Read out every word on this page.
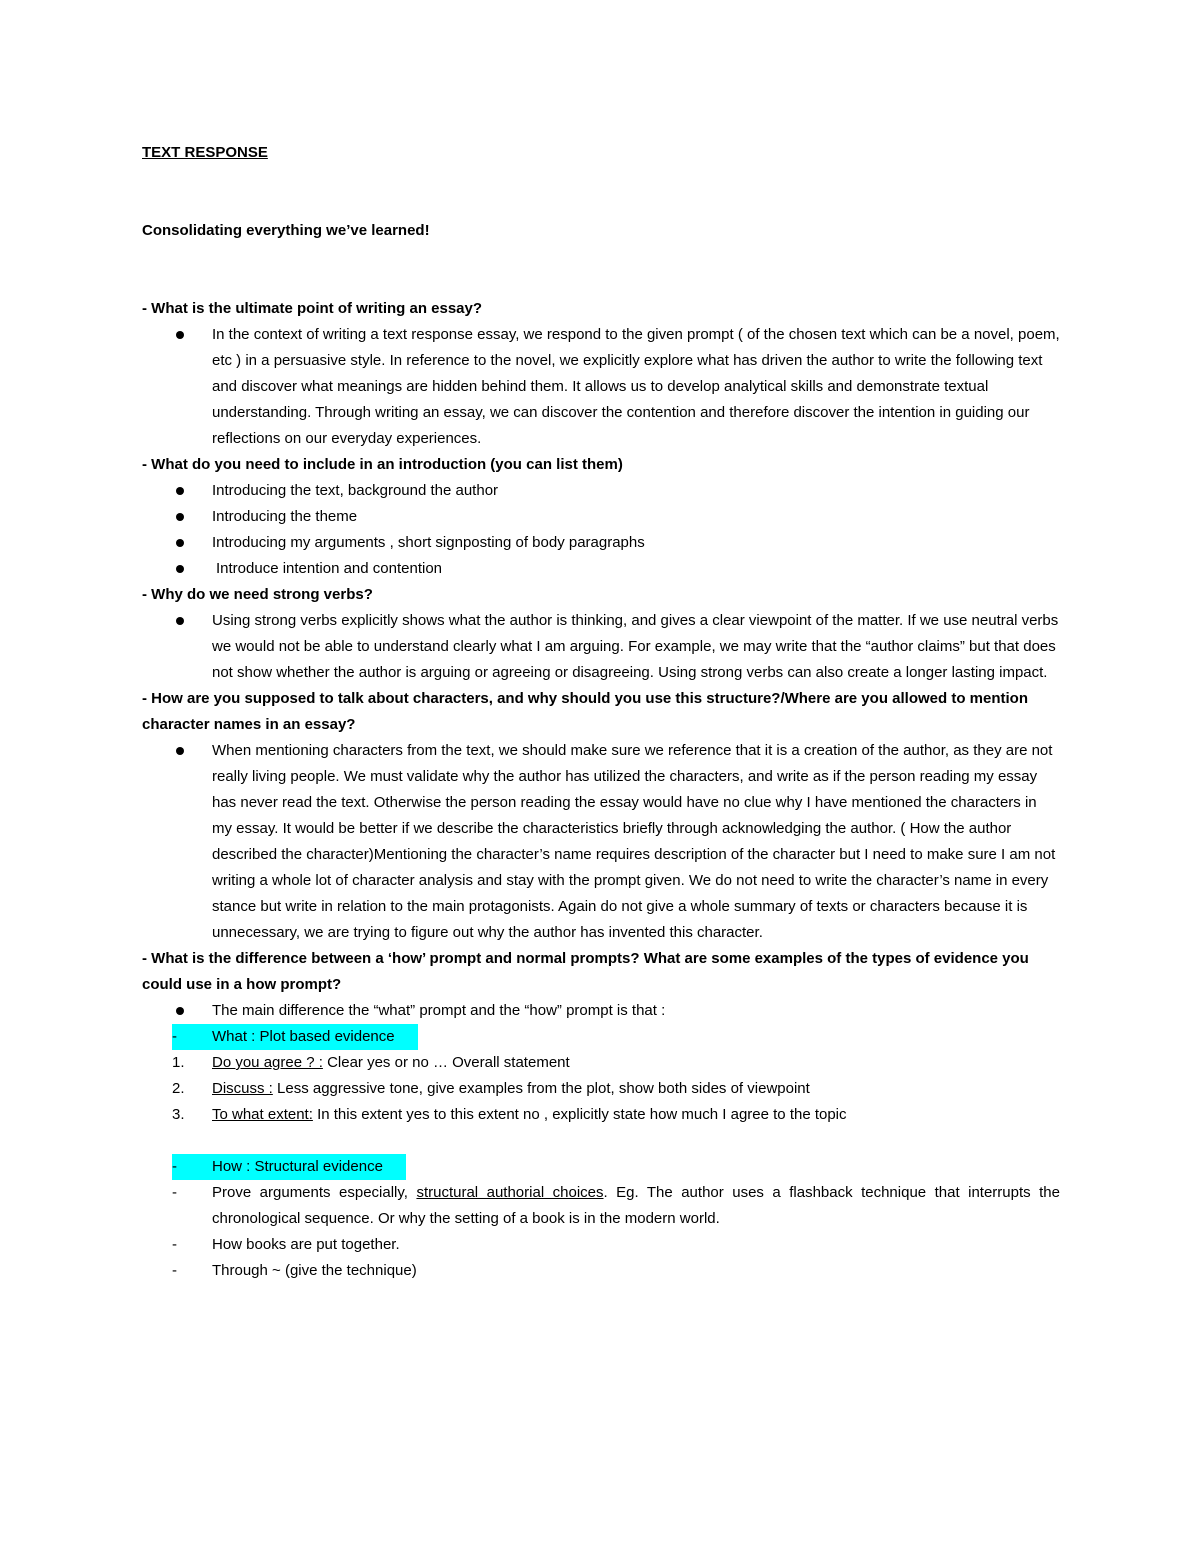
TEXT RESPONSE

Consolidating everything we’ve learned!
- What is the ultimate point of writing an essay?
In the context of writing a text response essay, we respond to the given prompt ( of the chosen text which can be a novel, poem, etc ) in a persuasive style. In reference to the novel, we explicitly explore what has driven the author to write the following text and discover what meanings are hidden behind them. It allows us to develop analytical skills and demonstrate textual understanding. Through writing an essay, we can discover the contention and therefore discover the intention in guiding our reflections on our everyday experiences.
- What do you need to include in an introduction (you can list them)
Introducing the text, background the author
Introducing the theme
Introducing my arguments , short signposting of body paragraphs
Introduce intention and contention
- Why do we need strong verbs?
Using strong verbs explicitly shows what the author is thinking, and gives a clear viewpoint of the matter. If we use neutral verbs we would not be able to understand clearly what I am arguing. For example, we may write that the “author claims” but that does not show whether the author is arguing or agreeing or disagreeing. Using strong verbs can also create a longer lasting impact.
- How are you supposed to talk about characters, and why should you use this structure?/Where are you allowed to mention character names in an essay?
When mentioning characters from the text, we should make sure we reference that it is a creation of the author, as they are not really living people. We must validate why the author has utilized the characters, and write as if the person reading my essay has never read the text. Otherwise the person reading the essay would have no clue why I have mentioned the characters in my essay. It would be better if we describe the characteristics briefly through acknowledging the author. ( How the author described the character)Mentioning the character’s name requires description of the character but I need to make sure I am not writing a whole lot of character analysis and stay with the prompt given. We do not need to write the character’s name in every stance but write in relation to the main protagonists. Again do not give a whole summary of texts or characters because it is unnecessary, we are trying to figure out why the author has invented this character.
- What is the difference between a ‘how’ prompt and normal prompts? What are some examples of the types of evidence you could use in a how prompt?
The main difference the “what” prompt and the “how” prompt is that :
-	What : Plot based evidence
1.	Do you agree ? : Clear yes or no … Overall statement
2.	Discuss : Less aggressive tone, give examples from the plot, show both sides of viewpoint
3.	To what extent: In this extent yes to this extent no , explicitly state how much I agree to the topic
-	How : Structural evidence
-	Prove arguments especially, structural authorial choices. Eg. The author uses a flashback technique that interrupts the chronological sequence. Or why the setting of a book is in the modern world.
-	How books are put together.
-	Through ~ (give the technique)
